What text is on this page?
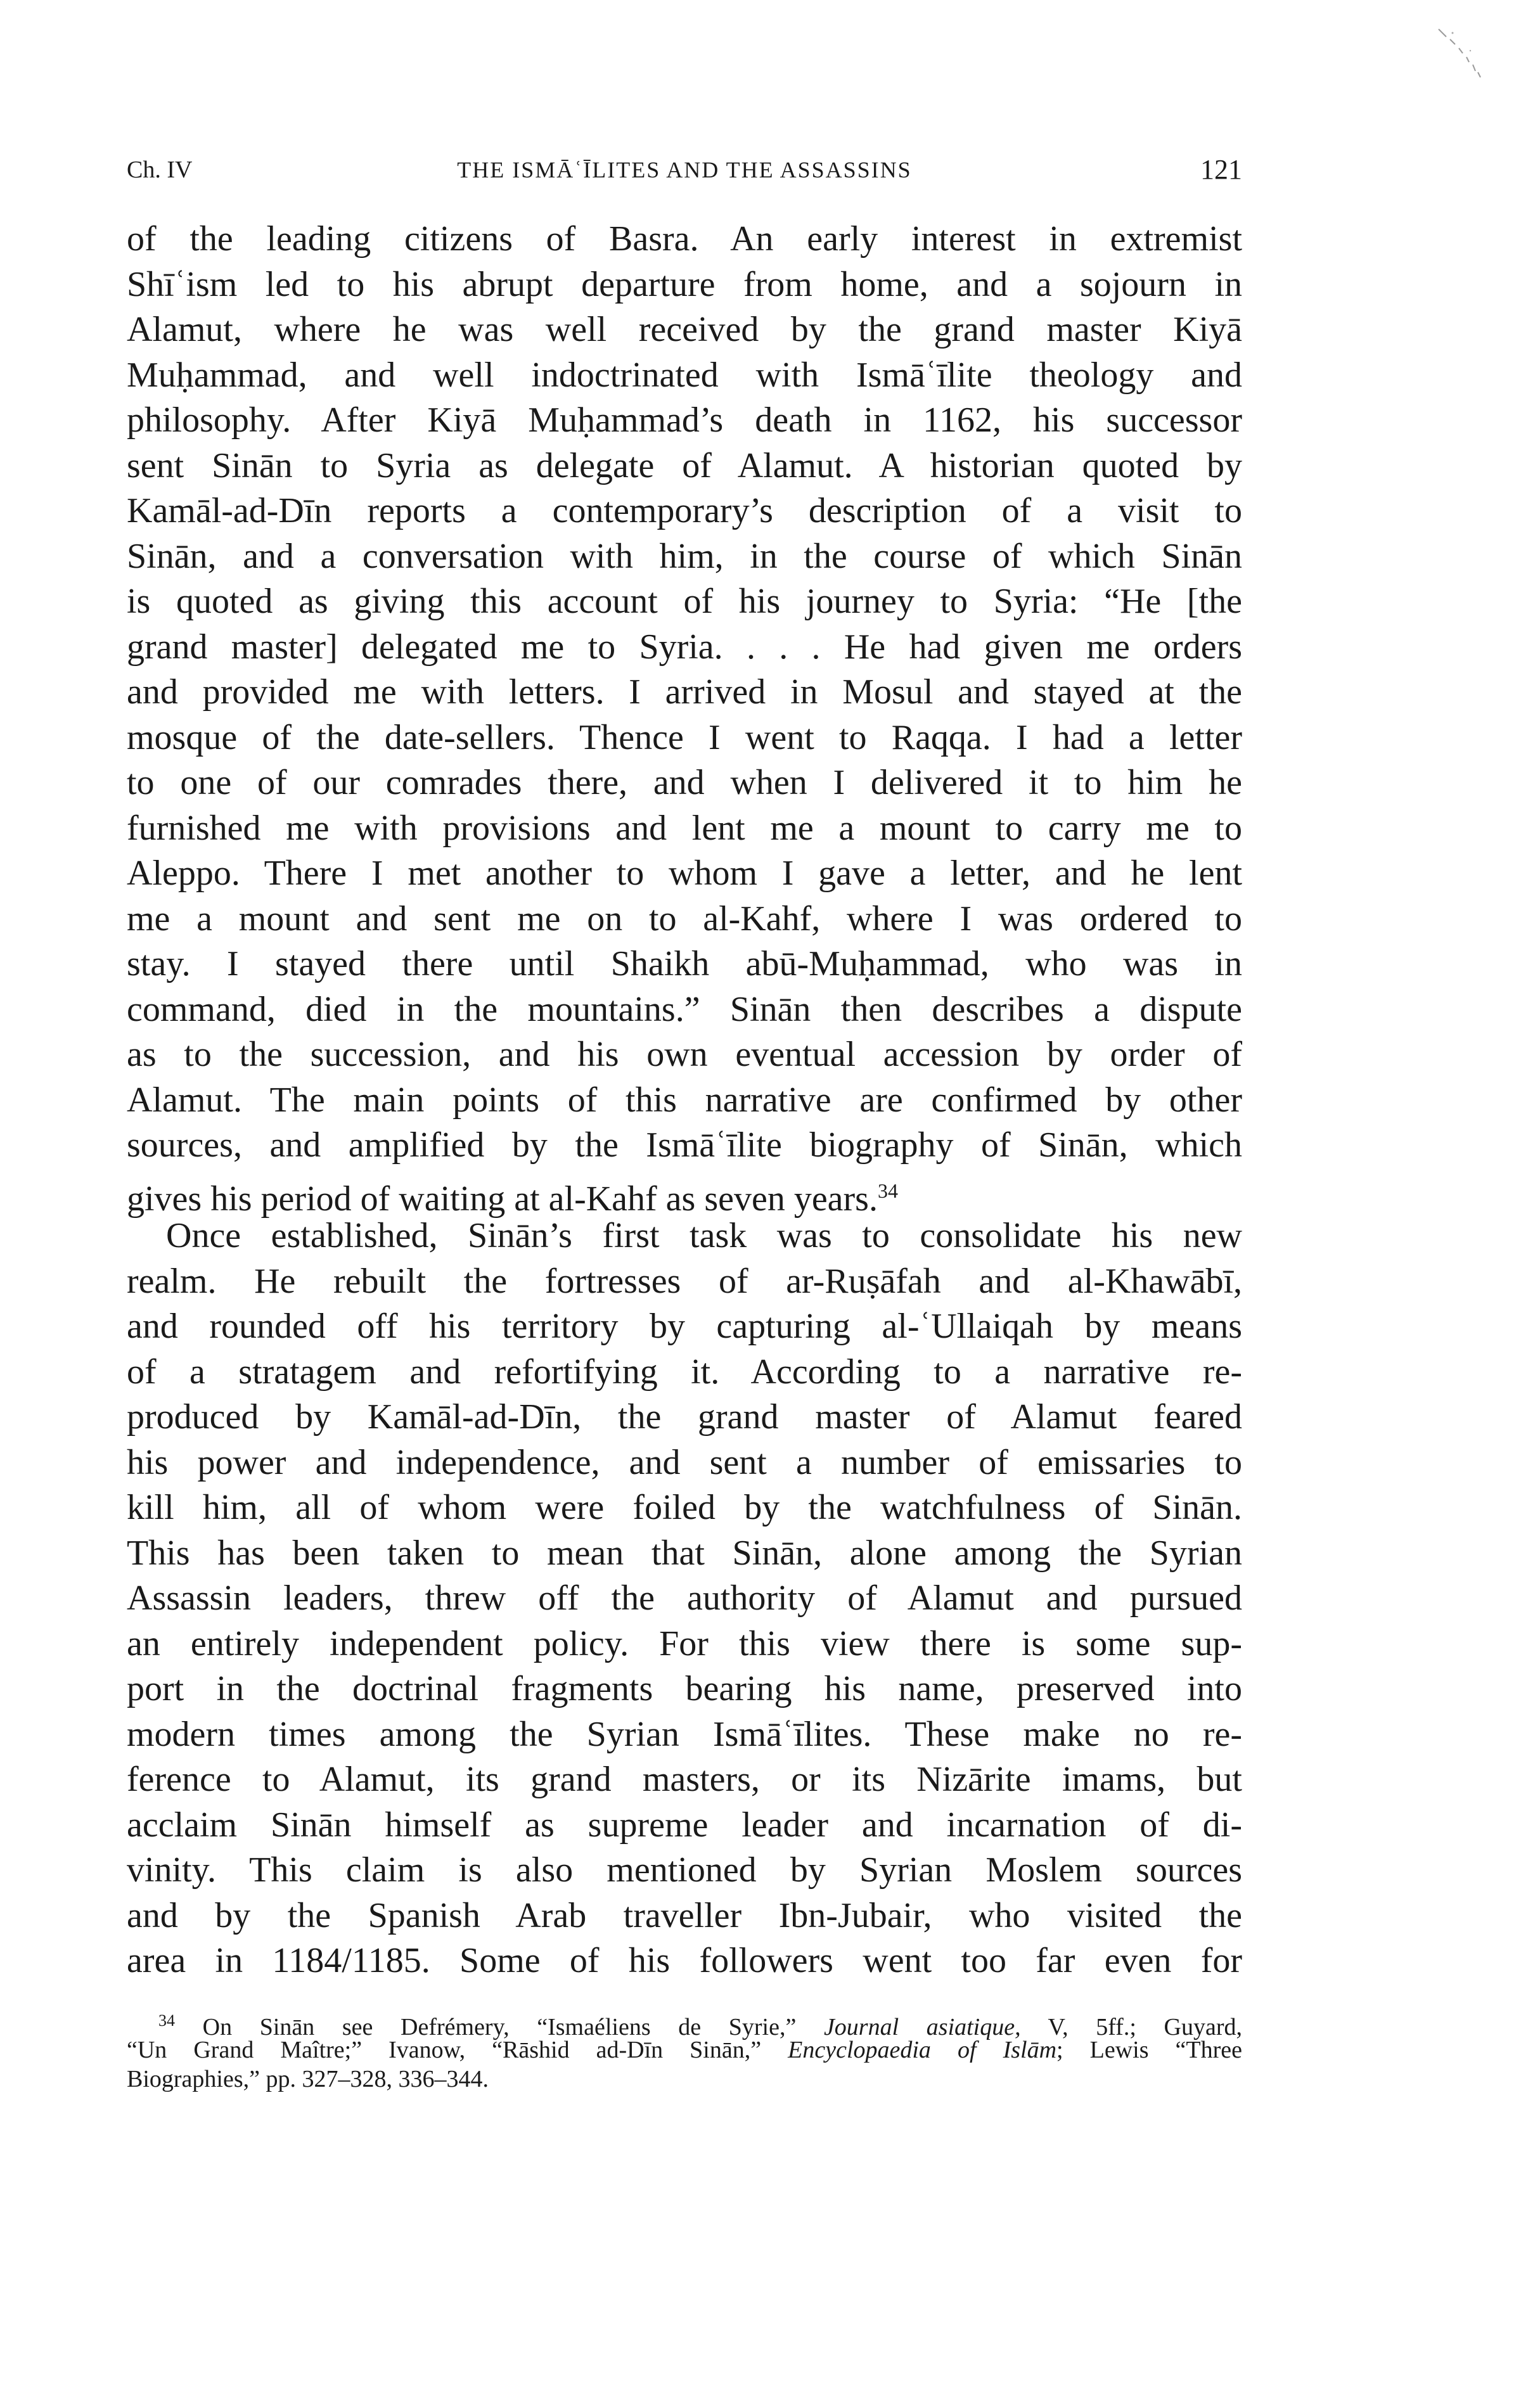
Ch. IV	THE ISMĀʿĪLITES AND THE ASSASSINS	121
of the leading citizens of Basra. An early interest in extremist
Shīʿism led to his abrupt departure from home, and a sojourn in
Alamut, where he was well received by the grand master Kiyā
Muḥammad, and well indoctrinated with Ismāʿīlite theology and
philosophy. After Kiyā Muḥammad’s death in 1162, his successor
sent Sinān to Syria as delegate of Alamut. A historian quoted by
Kamāl-ad-Dīn reports a contemporary’s description of a visit to
Sinān, and a conversation with him, in the course of which Sinān
is quoted as giving this account of his journey to Syria: “He [the
grand master] delegated me to Syria. . . . He had given me orders
and provided me with letters. I arrived in Mosul and stayed at the
mosque of the date-sellers. Thence I went to Raqqa. I had a letter
to one of our comrades there, and when I delivered it to him he
furnished me with provisions and lent me a mount to carry me to
Aleppo. There I met another to whom I gave a letter, and he lent
me a mount and sent me on to al-Kahf, where I was ordered to
stay. I stayed there until Shaikh abū-Muḥammad, who was in
command, died in the mountains.” Sinān then describes a dispute
as to the succession, and his own eventual accession by order of
Alamut. The main points of this narrative are confirmed by other
sources, and amplified by the Ismāʿīlite biography of Sinān, which
gives his period of waiting at al-Kahf as seven years.$^{34}$
Once established, Sinān’s first task was to consolidate his new
realm. He rebuilt the fortresses of ar-Ruṣāfah and al-Khawābī,
and rounded off his territory by capturing al-ʿUllaiqah by means
of a stratagem and refortifying it. According to a narrative re-
produced by Kamāl-ad-Dīn, the grand master of Alamut feared
his power and independence, and sent a number of emissaries to
kill him, all of whom were foiled by the watchfulness of Sinān.
This has been taken to mean that Sinān, alone among the Syrian
Assassin leaders, threw off the authority of Alamut and pursued
an entirely independent policy. For this view there is some sup-
port in the doctrinal fragments bearing his name, preserved into
modern times among the Syrian Ismāʿīlites. These make no re-
ference to Alamut, its grand masters, or its Nizārite imams, but
acclaim Sinān himself as supreme leader and incarnation of di-
vinity. This claim is also mentioned by Syrian Moslem sources
and by the Spanish Arab traveller Ibn-Jubair, who visited the
area in 1184/1185. Some of his followers went too far even for
$^{34}$ On Sinān see Defrémery, “Ismaéliens de Syrie,” Journal asiatique, V, 5ff.; Guyard,
“Un Grand Maître;” Ivanow, “Rāshid ad-Dīn Sinān,” Encyclopaedia of Islām; Lewis “Three
Biographies,” pp. 327–328, 336–344.
